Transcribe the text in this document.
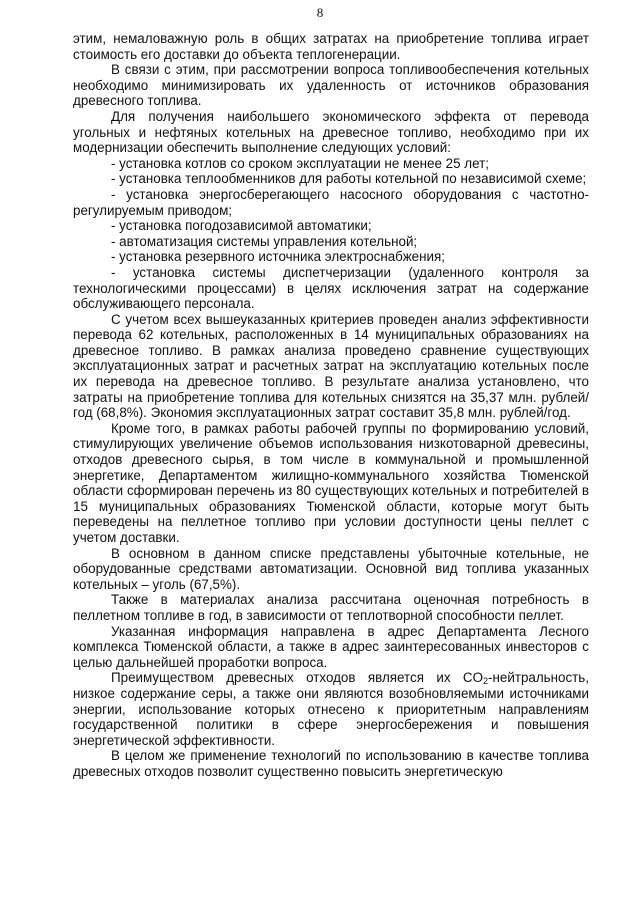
8

этим, немаловажную роль в общих затратах на приобретение топлива играет стоимость его доставки до объекта теплогенерации.

В связи с этим, при рассмотрении вопроса топливообеспечения котельных необходимо минимизировать их удаленность от источников образования древесного топлива.

Для получения наибольшего экономического эффекта от перевода угольных и нефтяных котельных на древесное топливо, необходимо при их модернизации обеспечить выполнение следующих условий:

- установка котлов со сроком эксплуатации не менее 25 лет;

- установка теплообменников для работы котельной по независимой схеме;

- установка энергосберегающего насосного оборудования с частотно-регулируемым приводом;

- установка погодозависимой автоматики;

- автоматизация системы управления котельной;

- установка резервного источника электроснабжения;

- установка системы диспетчеризации (удаленного контроля за технологическими процессами) в целях исключения затрат на содержание обслуживающего персонала.

С учетом всех вышеуказанных критериев проведен анализ эффективности перевода 62 котельных, расположенных в 14 муниципальных образованиях на древесное топливо. В рамках анализа проведено сравнение существующих эксплуатационных затрат и расчетных затрат на эксплуатацию котельных после их перевода на древесное топливо. В результате анализа установлено, что затраты на приобретение топлива для котельных снизятся на 35,37 млн. рублей/год (68,8%). Экономия эксплуатационных затрат составит 35,8 млн. рублей/год.

Кроме того, в рамках работы рабочей группы по формированию условий, стимулирующих увеличение объемов использования низкотоварной древесины, отходов древесного сырья, в том числе в коммунальной и промышленной энергетике, Департаментом жилищно-коммунального хозяйства Тюменской области сформирован перечень из 80 существующих котельных и потребителей в 15 муниципальных образованиях Тюменской области, которые могут быть переведены на пеллетное топливо при условии доступности цены пеллет с учетом доставки.

В основном в данном списке представлены убыточные котельные, не оборудованные средствами автоматизации. Основной вид топлива указанных котельных – уголь (67,5%).

Также в материалах анализа рассчитана оценочная потребность в пеллетном топливе в год, в зависимости от теплотворной способности пеллет.

Указанная информация направлена в адрес Департамента Лесного комплекса Тюменской области, а также в адрес заинтересованных инвесторов с целью дальнейшей проработки вопроса.

Преимуществом древесных отходов является их $CO_2$-нейтральность, низкое содержание серы, а также они являются возобновляемыми источниками энергии, использование которых отнесено к приоритетным направлениям государственной политики в сфере энергосбережения и повышения энергетической эффективности.

В целом же применение технологий по использованию в качестве топлива древесных отходов позволит существенно повысить энергетическую
